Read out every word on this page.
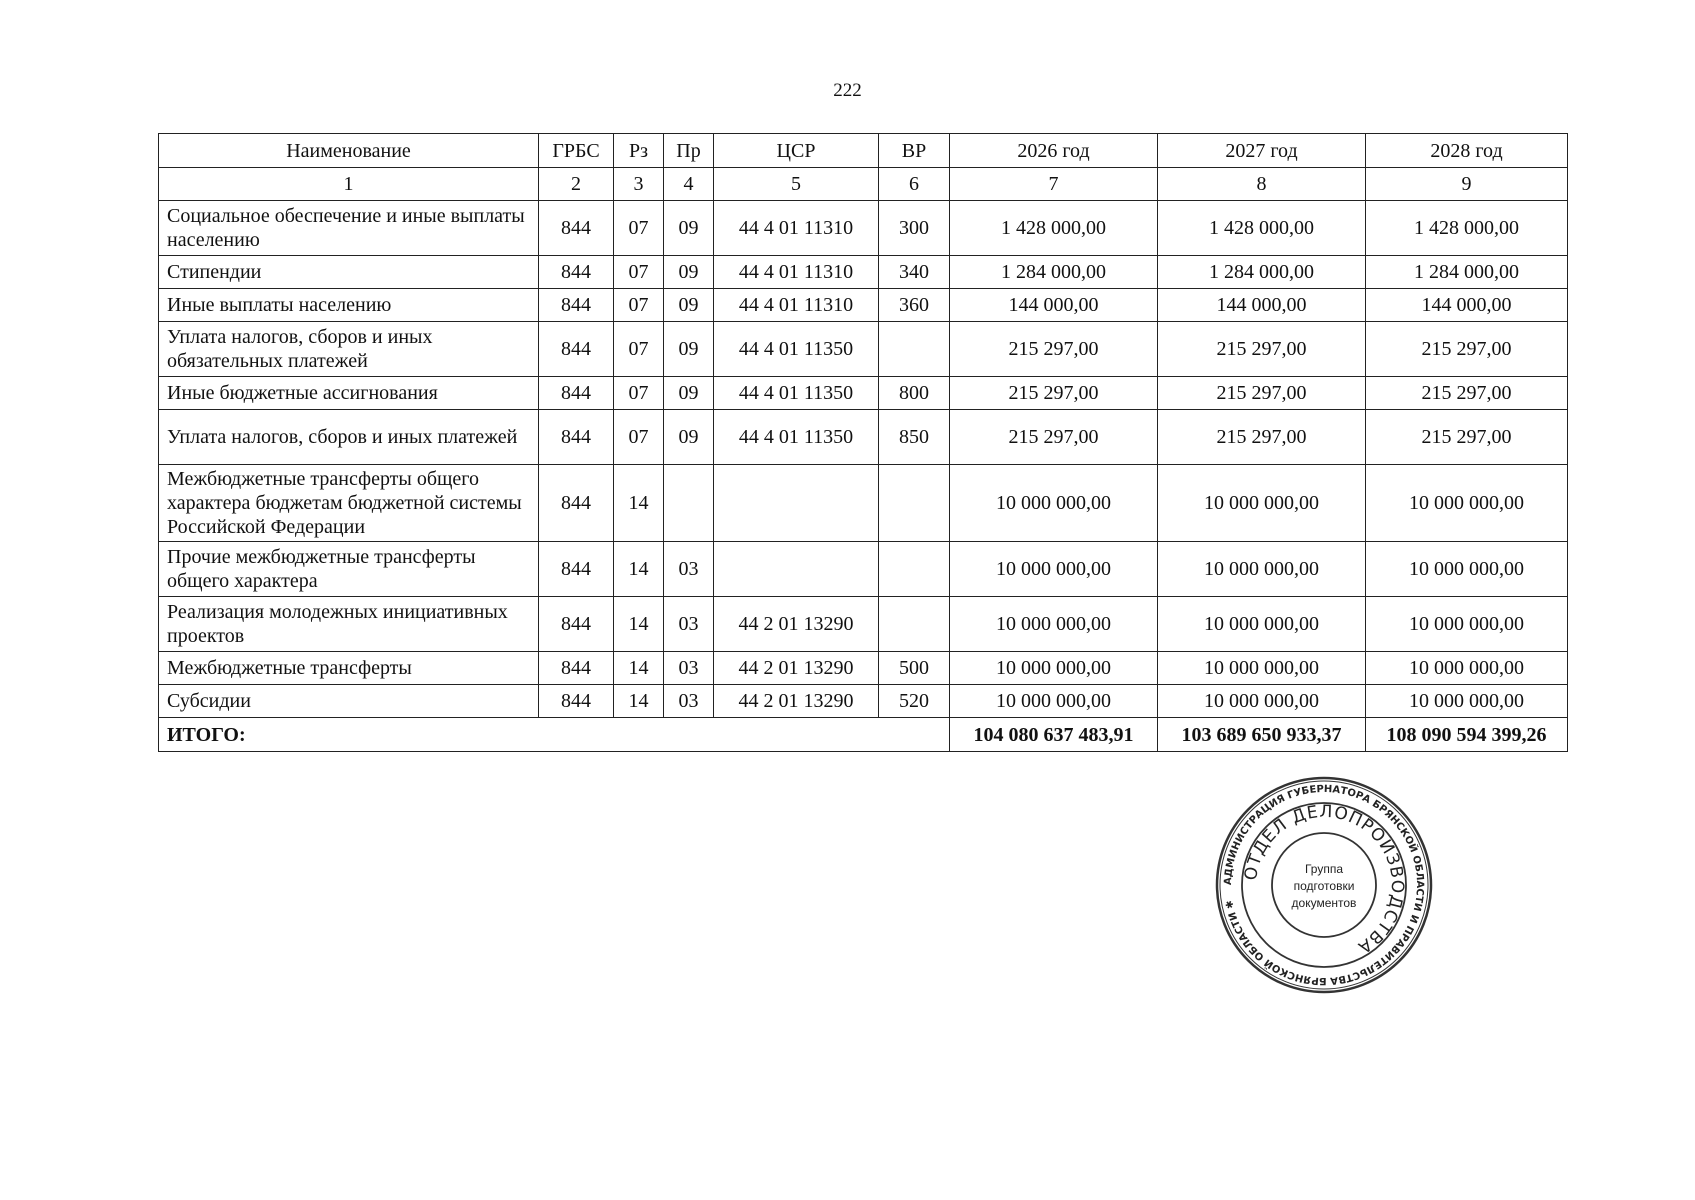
222
Наименование	ГРБС	Рз	Пр	ЦСР	ВР	2026 год	2027 год	2028 год
1	2	3	4	5	6	7	8	9
Социальное обеспечение и иные выплаты населению	844	07	09	44 4 01 11310	300	1 428 000,00	1 428 000,00	1 428 000,00
Стипендии	844	07	09	44 4 01 11310	340	1 284 000,00	1 284 000,00	1 284 000,00
Иные выплаты населению	844	07	09	44 4 01 11310	360	144 000,00	144 000,00	144 000,00
Уплата налогов, сборов и иных обязательных платежей	844	07	09	44 4 01 11350		215 297,00	215 297,00	215 297,00
Иные бюджетные ассигнования	844	07	09	44 4 01 11350	800	215 297,00	215 297,00	215 297,00
Уплата налогов, сборов и иных платежей	844	07	09	44 4 01 11350	850	215 297,00	215 297,00	215 297,00
Межбюджетные трансферты общего характера бюджетам бюджетной системы Российской Федерации	844	14				10 000 000,00	10 000 000,00	10 000 000,00
Прочие межбюджетные трансферты общего характера	844	14	03			10 000 000,00	10 000 000,00	10 000 000,00
Реализация молодежных инициативных проектов	844	14	03	44 2 01 13290		10 000 000,00	10 000 000,00	10 000 000,00
Межбюджетные трансферты	844	14	03	44 2 01 13290	500	10 000 000,00	10 000 000,00	10 000 000,00
Субсидии	844	14	03	44 2 01 13290	520	10 000 000,00	10 000 000,00	10 000 000,00
ИТОГО:						104 080 637 483,91	103 689 650 933,37	108 090 594 399,26
АДМИНИСТРАЦИЯ ГУБЕРНАТОРА БРЯНСКОЙ ОБЛАСТИ И ПРАВИТЕЛЬСТВА БРЯНСКОЙ ОБЛАСТИ ✱
ОТДЕЛ ДЕЛОПРОИЗВОДСТВА
Группа
подготовки
документов
